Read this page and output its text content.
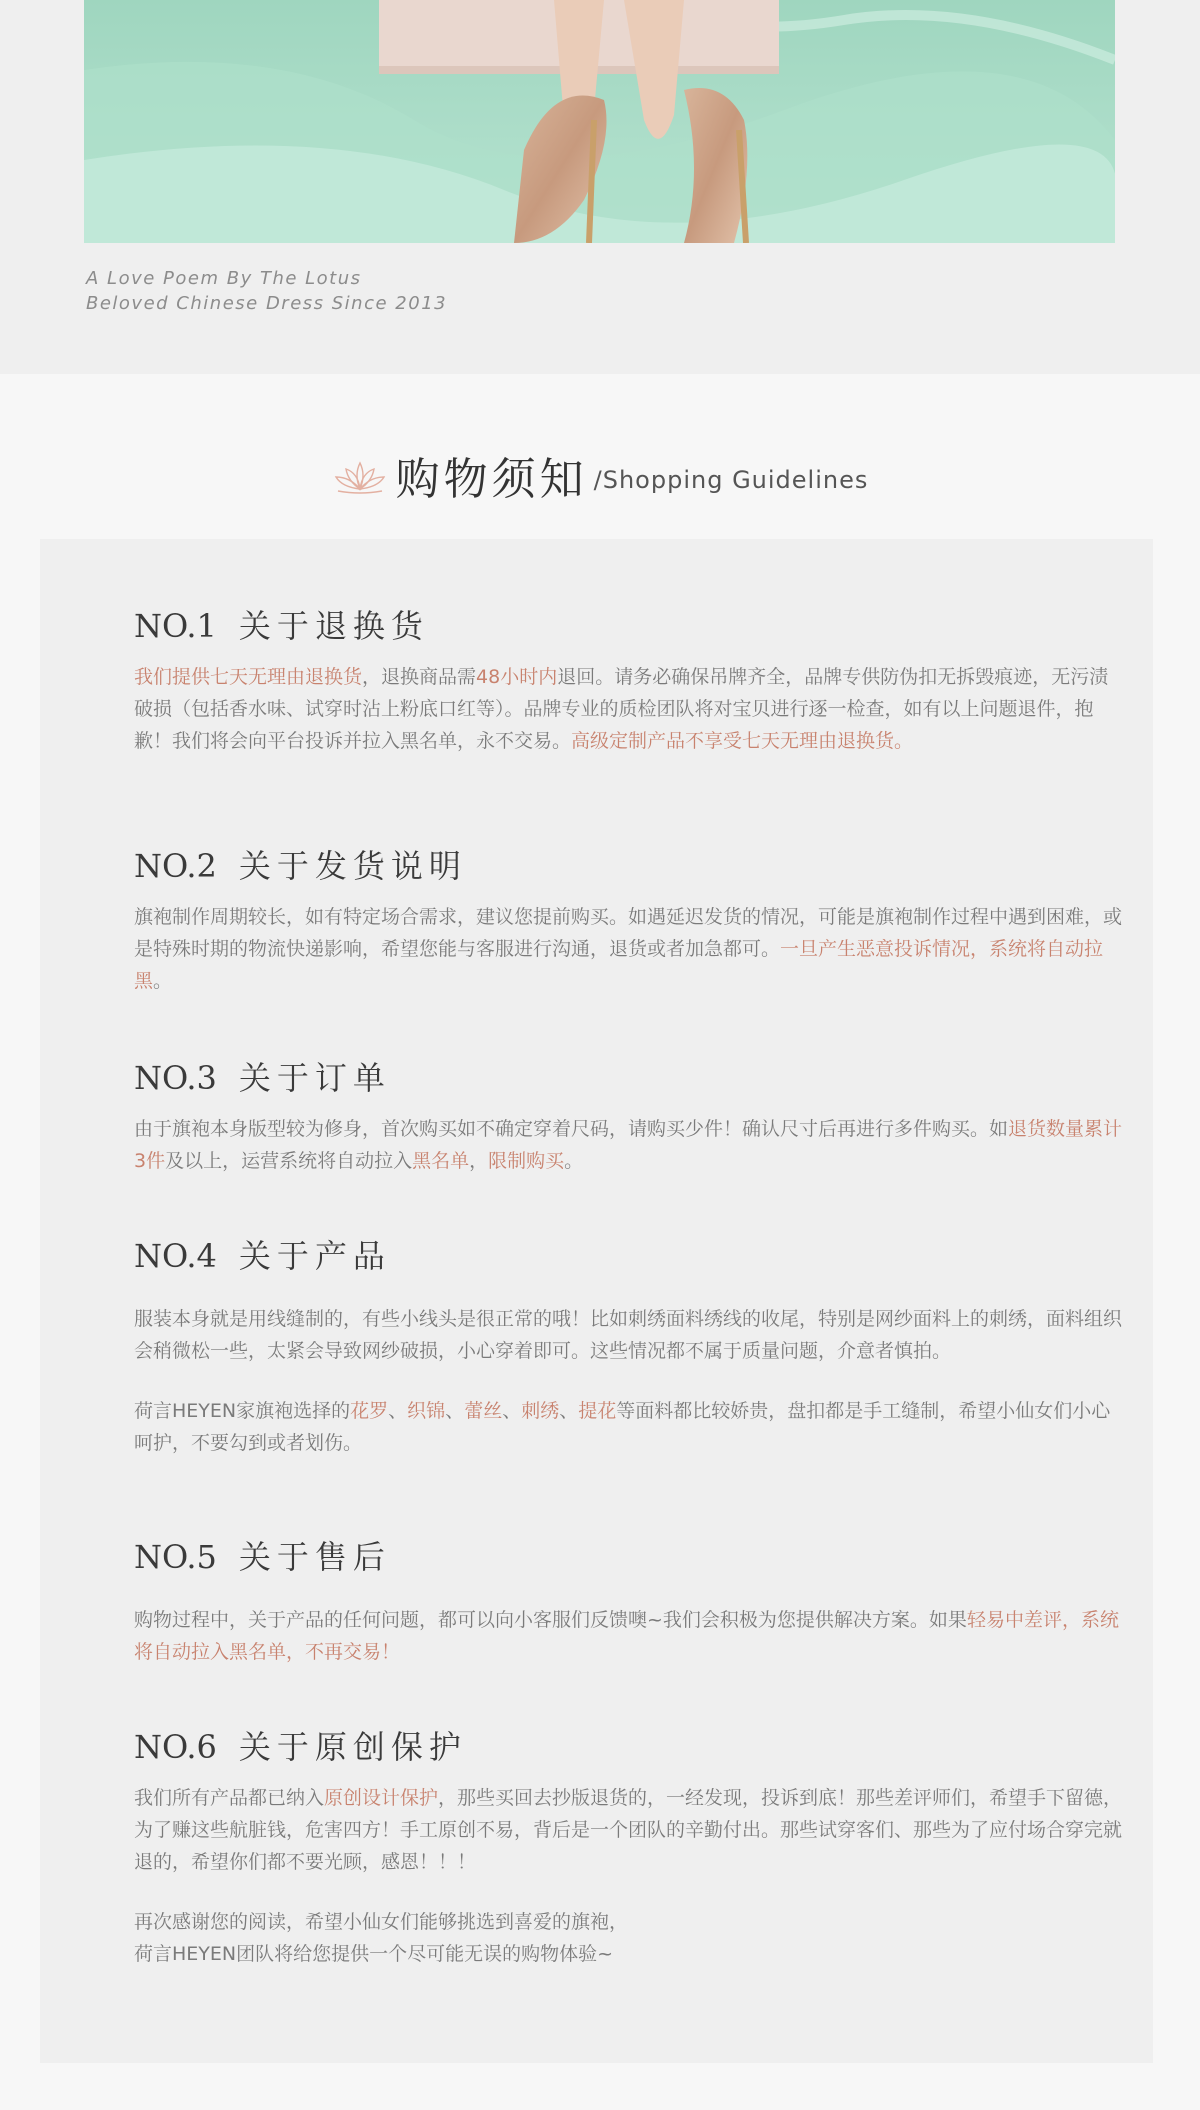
A Love Poem By The Lotus
Beloved Chinese Dress Since 2013
购物须知 /Shopping Guidelines
NO.1 关于退换货

我们提供七天无理由退换货，退换商品需48小时内退回。请务必确保吊牌齐全，品牌专供防伪扣无拆毁痕迹，无污渍破损（包括香水味、试穿时沾上粉底口红等）。品牌专业的质检团队将对宝贝进行逐一检查，如有以上问题退件，抱歉！我们将会向平台投诉并拉入黑名单，永不交易。高级定制产品不享受七天无理由退换货。

NO.2 关于发货说明

旗袍制作周期较长，如有特定场合需求，建议您提前购买。如遇延迟发货的情况，可能是旗袍制作过程中遇到困难，或是特殊时期的物流快递影响，希望您能与客服进行沟通，退货或者加急都可。一旦产生恶意投诉情况，系统将自动拉黑。

NO.3 关于订单

由于旗袍本身版型较为修身，首次购买如不确定穿着尺码，请购买少件！确认尺寸后再进行多件购买。如退货数量累计3件及以上，运营系统将自动拉入黑名单，限制购买。

NO.4 关于产品

服装本身就是用线缝制的，有些小线头是很正常的哦！比如刺绣面料绣线的收尾，特别是网纱面料上的刺绣，面料组织会稍微松一些，太紧会导致网纱破损，小心穿着即可。这些情况都不属于质量问题，介意者慎拍。

荷言HEYEN家旗袍选择的花罗、织锦、蕾丝、刺绣、提花等面料都比较娇贵，盘扣都是手工缝制，希望小仙女们小心呵护，不要勾到或者划伤。

NO.5 关于售后

购物过程中，关于产品的任何问题，都可以向小客服们反馈噢~我们会积极为您提供解决方案。如果轻易中差评，系统将自动拉入黑名单，不再交易！

NO.6 关于原创保护

我们所有产品都已纳入原创设计保护，那些买回去抄版退货的，一经发现，投诉到底！那些差评师们，希望手下留德，为了赚这些航脏钱，危害四方！手工原创不易，背后是一个团队的辛勤付出。那些试穿客们、那些为了应付场合穿完就退的，希望你们都不要光顾，感恩！！！

再次感谢您的阅读，希望小仙女们能够挑选到喜爱的旗袍，
荷言HEYEN团队将给您提供一个尽可能无误的购物体验~
